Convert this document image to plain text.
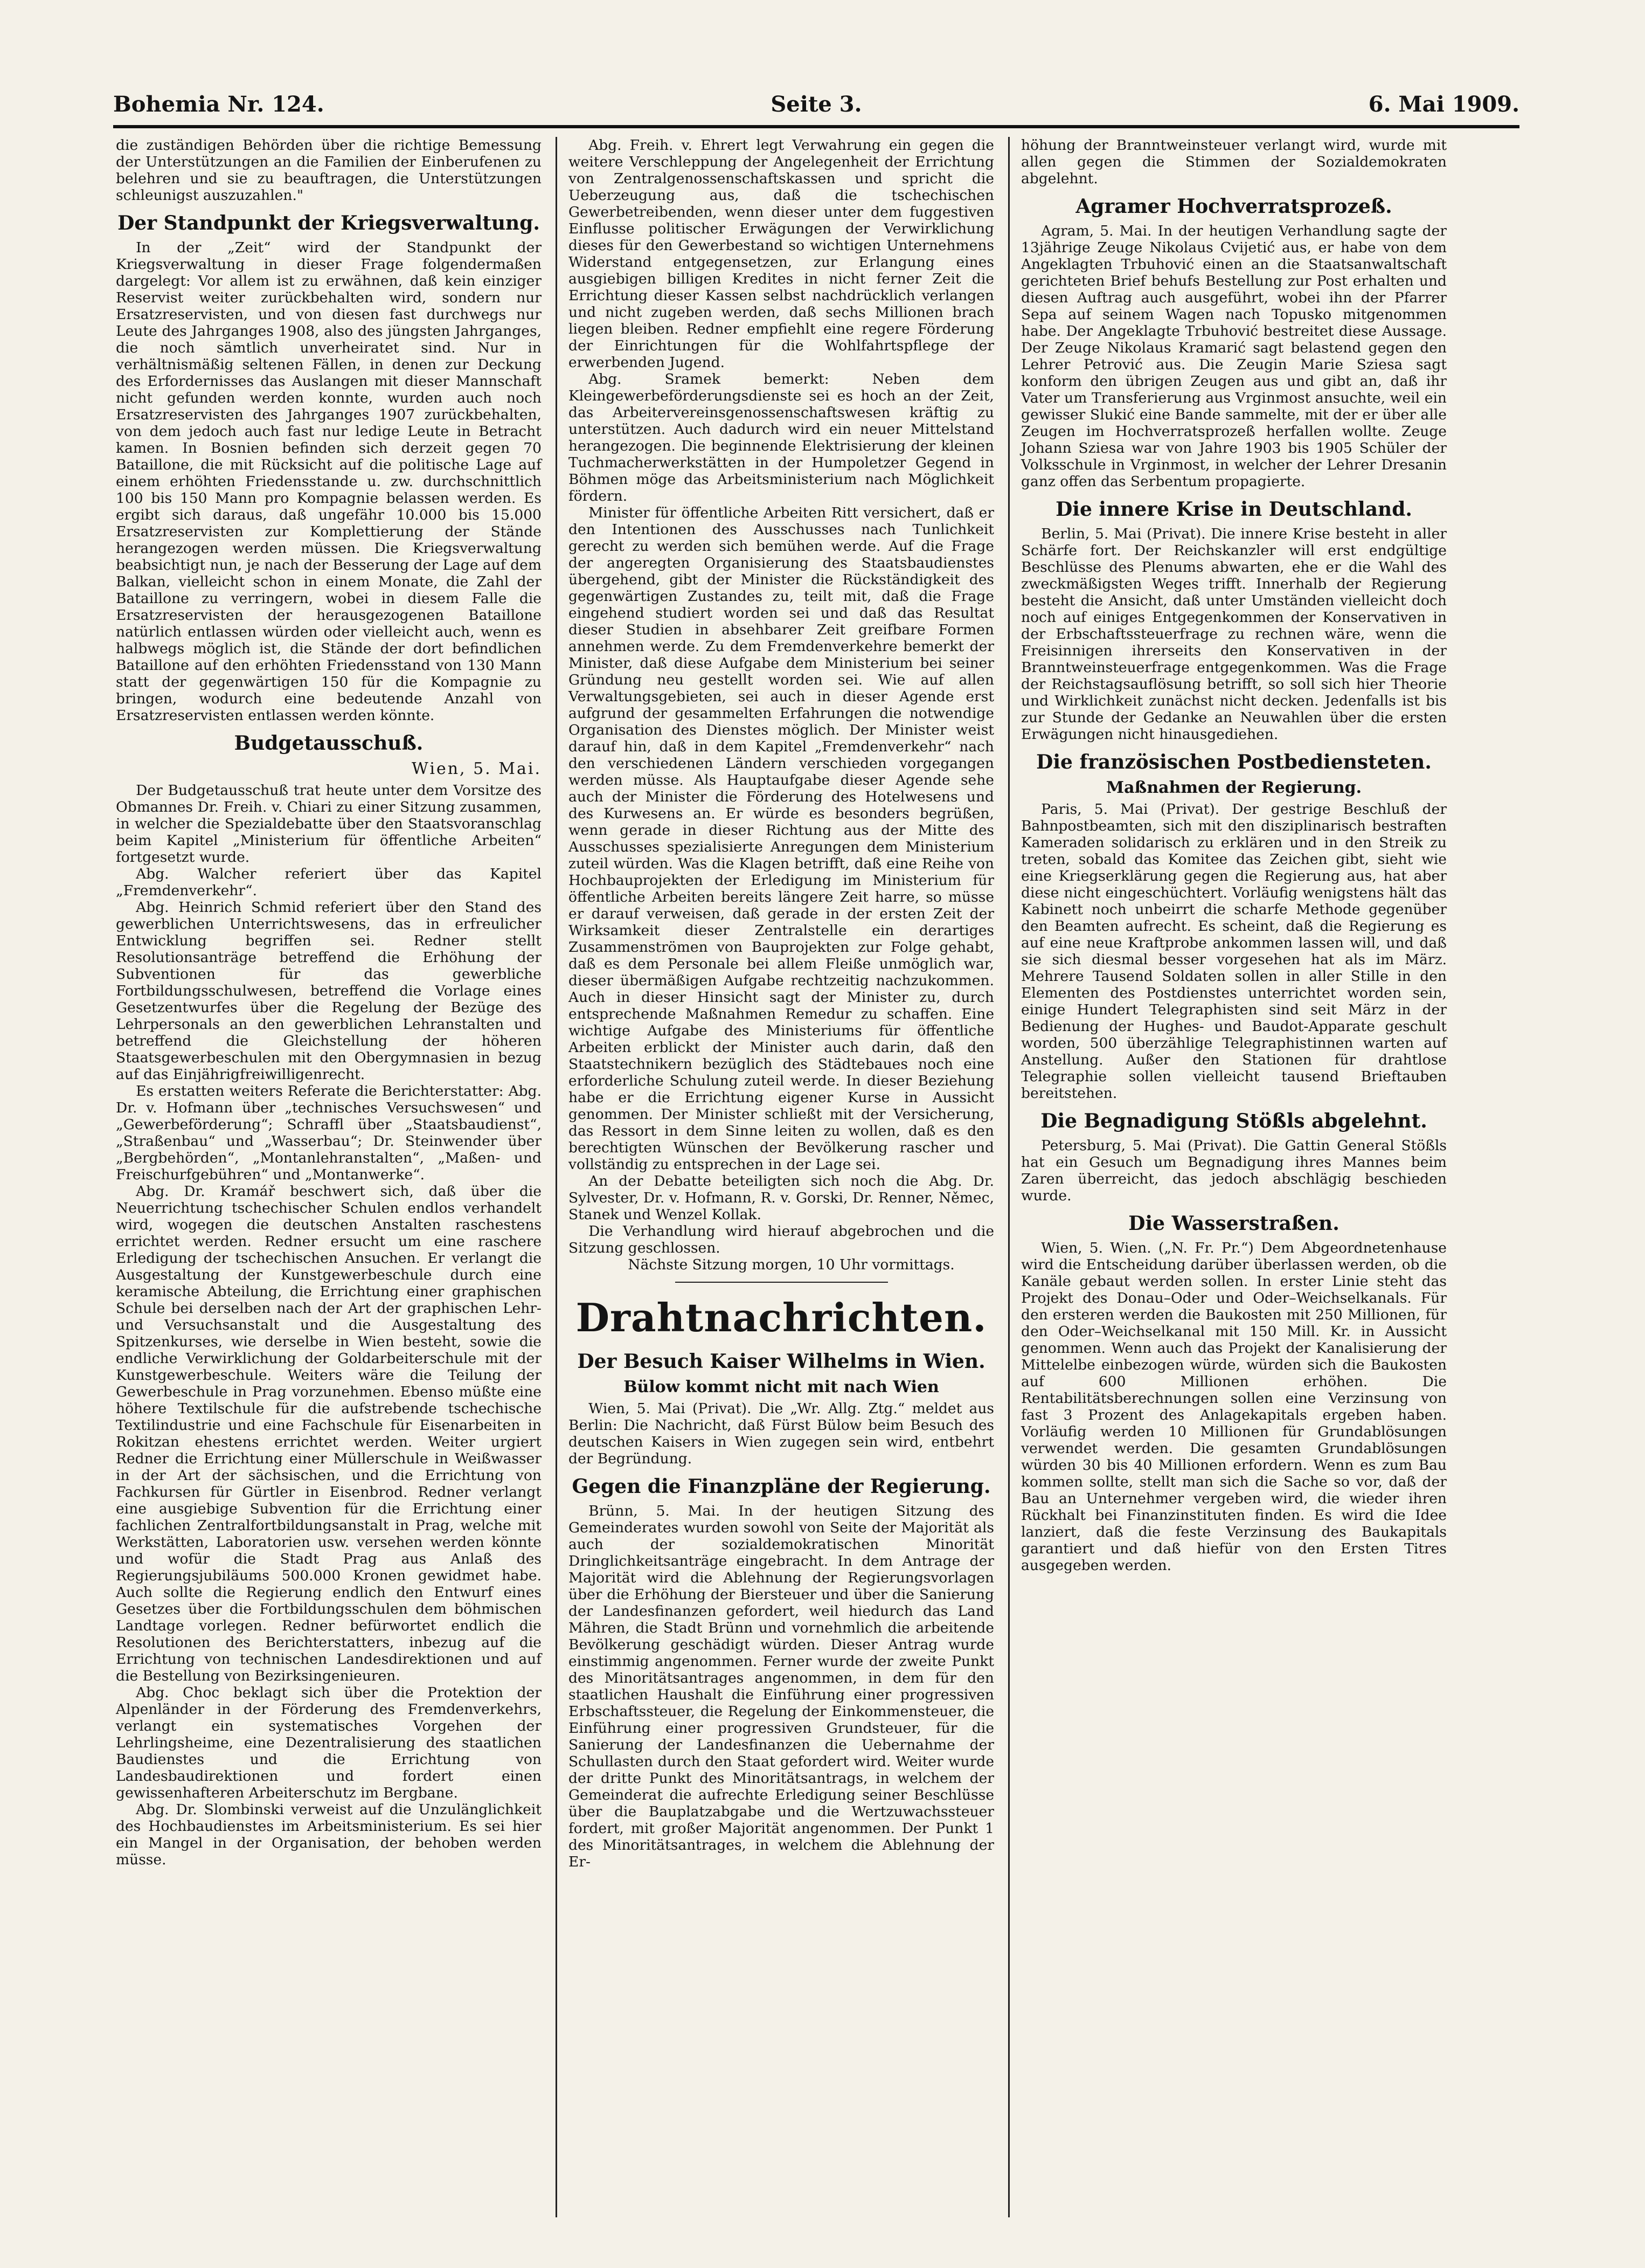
Bohemia Nr. 124.	Seite 3.	6. Mai 1909.

die zuständigen Behörden über die richtige Bemessung der Unterstützungen an die Familien der Einberufenen zu belehren und sie zu beauftragen, die Unterstützungen schleunigst auszuzahlen."

Der Standpunkt der Kriegsverwaltung.

In der „Zeit“ wird der Standpunkt der Kriegsverwaltung in dieser Frage folgendermaßen dargelegt: Vor allem ist zu erwähnen, daß kein einziger Reservist weiter zurückbehalten wird, sondern nur Ersatzreservisten, und von diesen fast durchwegs nur Leute des Jahrganges 1908, also des jüngsten Jahrganges, die noch sämtlich unverheiratet sind. Nur in verhältnismäßig seltenen Fällen, in denen zur Deckung des Erfordernisses das Auslangen mit dieser Mannschaft nicht gefunden werden konnte, wurden auch noch Ersatzreservisten des Jahrganges 1907 zurückbehalten, von dem jedoch auch fast nur ledige Leute in Betracht kamen. In Bosnien befinden sich derzeit gegen 70 Bataillone, die mit Rücksicht auf die politische Lage auf einem erhöhten Friedensstande u. zw. durchschnittlich 100 bis 150 Mann pro Kompagnie belassen werden. Es ergibt sich daraus, daß ungefähr 10.000 bis 15.000 Ersatzreservisten zur Komplettierung der Stände herangezogen werden müssen. Die Kriegsverwaltung beabsichtigt nun, je nach der Besserung der Lage auf dem Balkan, vielleicht schon in einem Monate, die Zahl der Bataillone zu verringern, wobei in diesem Falle die Ersatzreservisten der herausgezogenen Bataillone natürlich entlassen würden oder vielleicht auch, wenn es halbwegs möglich ist, die Stände der dort befindlichen Bataillone auf den erhöhten Friedensstand von 130 Mann statt der gegenwärtigen 150 für die Kompagnie zu bringen, wodurch eine bedeutende Anzahl von Ersatzreservisten entlassen werden könnte.

Budgetausschuß.
Wien, 5. Mai.

Der Budgetausschuß trat heute unter dem Vorsitze des Obmannes Dr. Freih. v. Chiari zu einer Sitzung zusammen, in welcher die Spezialdebatte über den Staatsvoranschlag beim Kapitel „Ministerium für öffentliche Arbeiten“ fortgesetzt wurde.

Abg. Walcher referiert über das Kapitel „Fremdenverkehr“.

Abg. Heinrich Schmid referiert über den Stand des gewerblichen Unterrichtswesens, das in erfreulicher Entwicklung begriffen sei. Redner stellt Resolutionsanträge betreffend die Erhöhung der Subventionen für das gewerbliche Fortbildungsschulwesen, betreffend die Vorlage eines Gesetzentwurfes über die Regelung der Bezüge des Lehrpersonals an den gewerblichen Lehranstalten und betreffend die Gleichstellung der höheren Staatsgewerbeschulen mit den Obergymnasien in bezug auf das Einjährigfreiwilligenrecht.

Es erstatten weiters Referate die Berichterstatter: Abg. Dr. v. Hofmann über „technisches Versuchswesen“ und „Gewerbeförderung“; Schraffl über „Staatsbaudienst“, „Straßenbau“ und „Wasserbau“; Dr. Steinwender über „Bergbehörden“, „Montanlehranstalten“, „Maßen- und Freischurfgebühren“ und „Montanwerke“.

Abg. Dr. Kramář beschwert sich, daß über die Neuerrichtung tschechischer Schulen endlos verhandelt wird, wogegen die deutschen Anstalten raschestens errichtet werden. Redner ersucht um eine raschere Erledigung der tschechischen Ansuchen. Er verlangt die Ausgestaltung der Kunstgewerbeschule durch eine keramische Abteilung, die Errichtung einer graphischen Schule bei derselben nach der Art der graphischen Lehr- und Versuchsanstalt und die Ausgestaltung des Spitzenkurses, wie derselbe in Wien besteht, sowie die endliche Verwirklichung der Goldarbeiterschule mit der Kunstgewerbeschule. Weiters wäre die Teilung der Gewerbeschule in Prag vorzunehmen. Ebenso müßte eine höhere Textilschule für die aufstrebende tschechische Textilindustrie und eine Fachschule für Eisenarbeiten in Rokitzan ehestens errichtet werden. Weiter urgiert Redner die Errichtung einer Müllerschule in Weißwasser in der Art der sächsischen, und die Errichtung von Fachkursen für Gürtler in Eisenbrod. Redner verlangt eine ausgiebige Subvention für die Errichtung einer fachlichen Zentralfortbildungsanstalt in Prag, welche mit Werkstätten, Laboratorien usw. versehen werden könnte und wofür die Stadt Prag aus Anlaß des Regierungsjubiläums 500.000 Kronen gewidmet habe. Auch sollte die Regierung endlich den Entwurf eines Gesetzes über die Fortbildungsschulen dem böhmischen Landtage vorlegen. Redner befürwortet endlich die Resolutionen des Berichterstatters, inbezug auf die Errichtung von technischen Landesdirektionen und auf die Bestellung von Bezirksingenieuren.

Abg. Choc beklagt sich über die Protektion der Alpenländer in der Förderung des Fremdenverkehrs, verlangt ein systematisches Vorgehen der Lehrlingsheime, eine Dezentralisierung des staatlichen Baudienstes und die Errichtung von Landesbaudirektionen und fordert einen gewissenhafteren Arbeiterschutz im Bergbane.

Abg. Dr. Slombinski verweist auf die Unzulänglichkeit des Hochbaudienstes im Arbeitsministerium. Es sei hier ein Mangel in der Organisation, der behoben werden müsse.

Abg. Freih. v. Ehrert legt Verwahrung ein gegen die weitere Verschleppung der Angelegenheit der Errichtung von Zentralgenossenschaftskassen und spricht die Ueberzeugung aus, daß die tschechischen Gewerbetreibenden, wenn dieser unter dem fuggestiven Einflusse politischer Erwägungen der Verwirklichung dieses für den Gewerbestand so wichtigen Unternehmens Widerstand entgegensetzen, zur Erlangung eines ausgiebigen billigen Kredites in nicht ferner Zeit die Errichtung dieser Kassen selbst nachdrücklich verlangen und nicht zugeben werden, daß sechs Millionen brach liegen bleiben. Redner empfiehlt eine regere Förderung der Einrichtungen für die Wohlfahrtspflege der erwerbenden Jugend.

Abg. Sramek bemerkt: Neben dem Kleingewerbeförderungsdienste sei es hoch an der Zeit, das Arbeitervereinsgenossenschaftswesen kräftig zu unterstützen. Auch dadurch wird ein neuer Mittelstand herangezogen. Die beginnende Elektrisierung der kleinen Tuchmacherwerkstätten in der Humpoletzer Gegend in Böhmen möge das Arbeitsministerium nach Möglichkeit fördern.

Minister für öffentliche Arbeiten Ritt versichert, daß er den Intentionen des Ausschusses nach Tunlichkeit gerecht zu werden sich bemühen werde. Auf die Frage der angeregten Organisierung des Staatsbaudienstes übergehend, gibt der Minister die Rückständigkeit des gegenwärtigen Zustandes zu, teilt mit, daß die Frage eingehend studiert worden sei und daß das Resultat dieser Studien in absehbarer Zeit greifbare Formen annehmen werde. Zu dem Fremdenverkehre bemerkt der Minister, daß diese Aufgabe dem Ministerium bei seiner Gründung neu gestellt worden sei. Wie auf allen Verwaltungsgebieten, sei auch in dieser Agende erst aufgrund der gesammelten Erfahrungen die notwendige Organisation des Dienstes möglich. Der Minister weist darauf hin, daß in dem Kapitel „Fremdenverkehr“ nach den verschiedenen Ländern verschieden vorgegangen werden müsse. Als Hauptaufgabe dieser Agende sehe auch der Minister die Förderung des Hotelwesens und des Kurwesens an. Er würde es besonders begrüßen, wenn gerade in dieser Richtung aus der Mitte des Ausschusses spezialisierte Anregungen dem Ministerium zuteil würden. Was die Klagen betrifft, daß eine Reihe von Hochbauprojekten der Erledigung im Ministerium für öffentliche Arbeiten bereits längere Zeit harre, so müsse er darauf verweisen, daß gerade in der ersten Zeit der Wirksamkeit dieser Zentralstelle ein derartiges Zusammenströmen von Bauprojekten zur Folge gehabt, daß es dem Personale bei allem Fleiße unmöglich war, dieser übermäßigen Aufgabe rechtzeitig nachzukommen. Auch in dieser Hinsicht sagt der Minister zu, durch entsprechende Maßnahmen Remedur zu schaffen. Eine wichtige Aufgabe des Ministeriums für öffentliche Arbeiten erblickt der Minister auch darin, daß den Staatstechnikern bezüglich des Städtebaues noch eine erforderliche Schulung zuteil werde. In dieser Beziehung habe er die Errichtung eigener Kurse in Aussicht genommen. Der Minister schließt mit der Versicherung, das Ressort in dem Sinne leiten zu wollen, daß es den berechtigten Wünschen der Bevölkerung rascher und vollständig zu entsprechen in der Lage sei.

An der Debatte beteiligten sich noch die Abg. Dr. Sylvester, Dr. v. Hofmann, R. v. Gorski, Dr. Renner, Němec, Stanek und Wenzel Kollak.

Die Verhandlung wird hierauf abgebrochen und die Sitzung geschlossen.

Nächste Sitzung morgen, 10 Uhr vormittags.

Drahtnachrichten.
Der Besuch Kaiser Wilhelms in Wien.
Bülow kommt nicht mit nach Wien

Wien, 5. Mai (Privat). Die „Wr. Allg. Ztg.“ meldet aus Berlin: Die Nachricht, daß Fürst Bülow beim Besuch des deutschen Kaisers in Wien zugegen sein wird, entbehrt der Begründung.

Gegen die Finanzpläne der Regierung.

Brünn, 5. Mai. In der heutigen Sitzung des Gemeinderates wurden sowohl von Seite der Majorität als auch der sozialdemokratischen Minorität Dringlichkeitsanträge eingebracht. In dem Antrage der Majorität wird die Ablehnung der Regierungsvorlagen über die Erhöhung der Biersteuer und über die Sanierung der Landesfinanzen gefordert, weil hiedurch das Land Mähren, die Stadt Brünn und vornehmlich die arbeitende Bevölkerung geschädigt würden. Dieser Antrag wurde einstimmig angenommen. Ferner wurde der zweite Punkt des Minoritätsantrages angenommen, in dem für den staatlichen Haushalt die Einführung einer progressiven Erbschaftssteuer, die Regelung der Einkommensteuer, die Einführung einer progressiven Grundsteuer, für die Sanierung der Landesfinanzen die Uebernahme der Schullasten durch den Staat gefordert wird. Weiter wurde der dritte Punkt des Minoritätsantrags, in welchem der Gemeinderat die aufrechte Erledigung seiner Beschlüsse über die Bauplatzabgabe und die Wertzuwachssteuer fordert, mit großer Majorität angenommen. Der Punkt 1 des Minoritätsantrages, in welchem die Ablehnung der Er-

höhung der Branntweinsteuer verlangt wird, wurde mit allen gegen die Stimmen der Sozialdemokraten abgelehnt.

Agramer Hochverratsprozeß.

Agram, 5. Mai. In der heutigen Verhandlung sagte der 13jährige Zeuge Nikolaus Cvijetić aus, er habe von dem Angeklagten Trbuhović einen an die Staatsanwaltschaft gerichteten Brief behufs Bestellung zur Post erhalten und diesen Auftrag auch ausgeführt, wobei ihn der Pfarrer Sepa auf seinem Wagen nach Topusko mitgenommen habe. Der Angeklagte Trbuhović bestreitet diese Aussage. Der Zeuge Nikolaus Kramarić sagt belastend gegen den Lehrer Petrović aus. Die Zeugin Marie Sziesa sagt konform den übrigen Zeugen aus und gibt an, daß ihr Vater um Transferierung aus Vrginmost ansuchte, weil ein gewisser Slukić eine Bande sammelte, mit der er über alle Zeugen im Hochverratsprozeß herfallen wollte. Zeuge Johann Sziesa war von Jahre 1903 bis 1905 Schüler der Volksschule in Vrginmost, in welcher der Lehrer Dresanin ganz offen das Serbentum propagierte.

Die innere Krise in Deutschland.

Berlin, 5. Mai (Privat). Die innere Krise besteht in aller Schärfe fort. Der Reichskanzler will erst endgültige Beschlüsse des Plenums abwarten, ehe er die Wahl des zweckmäßigsten Weges trifft. Innerhalb der Regierung besteht die Ansicht, daß unter Umständen vielleicht doch noch auf einiges Entgegenkommen der Konservativen in der Erbschaftssteuerfrage zu rechnen wäre, wenn die Freisinnigen ihrerseits den Konservativen in der Branntweinsteuerfrage entgegenkommen. Was die Frage der Reichstagsauflösung betrifft, so soll sich hier Theorie und Wirklichkeit zunächst nicht decken. Jedenfalls ist bis zur Stunde der Gedanke an Neuwahlen über die ersten Erwägungen nicht hinausgediehen.

Die französischen Postbediensteten.
Maßnahmen der Regierung.

Paris, 5. Mai (Privat). Der gestrige Beschluß der Bahnpostbeamten, sich mit den disziplinarisch bestraften Kameraden solidarisch zu erklären und in den Streik zu treten, sobald das Komitee das Zeichen gibt, sieht wie eine Kriegserklärung gegen die Regierung aus, hat aber diese nicht eingeschüchtert. Vorläufig wenigstens hält das Kabinett noch unbeirrt die scharfe Methode gegenüber den Beamten aufrecht. Es scheint, daß die Regierung es auf eine neue Kraftprobe ankommen lassen will, und daß sie sich diesmal besser vorgesehen hat als im März. Mehrere Tausend Soldaten sollen in aller Stille in den Elementen des Postdienstes unterrichtet worden sein, einige Hundert Telegraphisten sind seit März in der Bedienung der Hughes- und Baudot-Apparate geschult worden, 500 überzählige Telegraphistinnen warten auf Anstellung. Außer den Stationen für drahtlose Telegraphie sollen vielleicht tausend Brieftauben bereitstehen.

Die Begnadigung Stößls abgelehnt.

Petersburg, 5. Mai (Privat). Die Gattin General Stößls hat ein Gesuch um Begnadigung ihres Mannes beim Zaren überreicht, das jedoch abschlägig beschieden wurde.

Die Wasserstraßen.

Wien, 5. Wien. („N. Fr. Pr.“) Dem Abgeordnetenhause wird die Entscheidung darüber überlassen werden, ob die Kanäle gebaut werden sollen. In erster Linie steht das Projekt des Donau–Oder und Oder–Weichselkanals. Für den ersteren werden die Baukosten mit 250 Millionen, für den Oder–Weichselkanal mit 150 Mill. Kr. in Aussicht genommen. Wenn auch das Projekt der Kanalisierung der Mittelelbe einbezogen würde, würden sich die Baukosten auf 600 Millionen erhöhen. Die Rentabilitätsberechnungen sollen eine Verzinsung von fast 3 Prozent des Anlagekapitals ergeben haben. Vorläufig werden 10 Millionen für Grundablösungen verwendet werden. Die gesamten Grundablösungen würden 30 bis 40 Millionen erfordern. Wenn es zum Bau kommen sollte, stellt man sich die Sache so vor, daß der Bau an Unternehmer vergeben wird, die wieder ihren Rückhalt bei Finanzinstituten finden. Es wird die Idee lanziert, daß die feste Verzinsung des Baukapitals garantiert und daß hiefür von den Ersten Titres ausgegeben werden.
